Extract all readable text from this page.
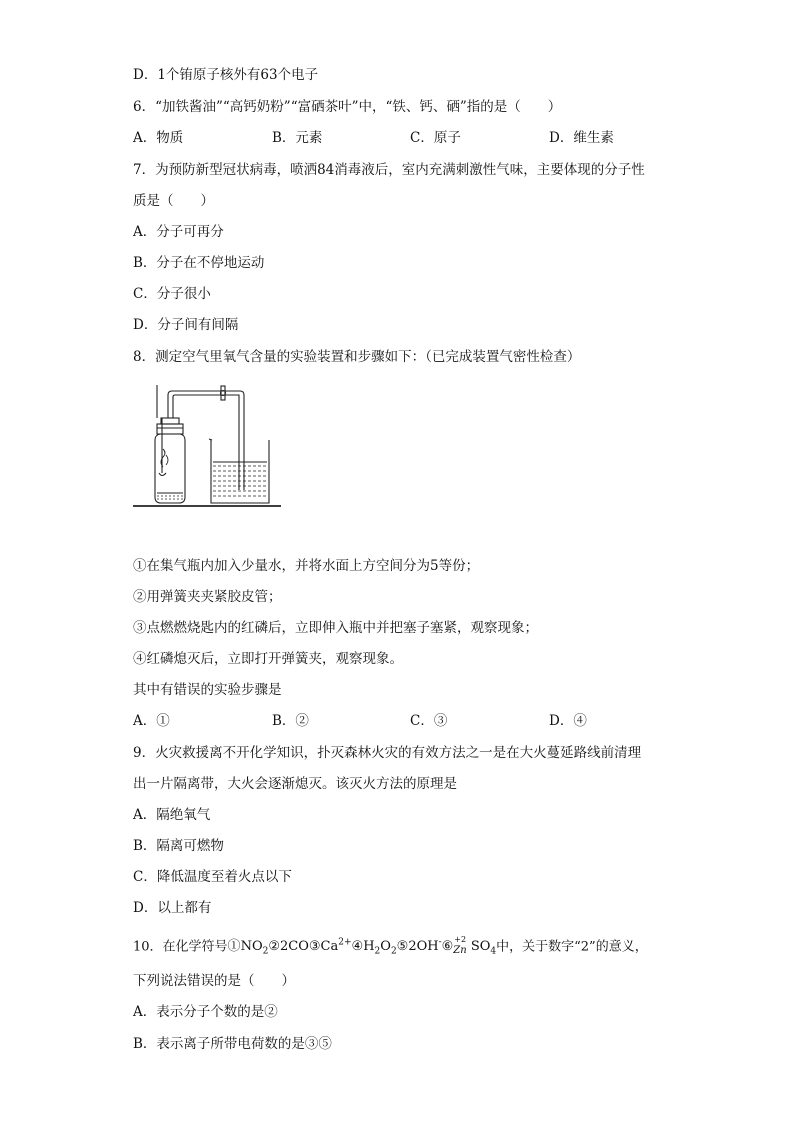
D．1个铕原子核外有63个电子
6．“加铁酱油”“高钙奶粉”“富硒茶叶”中，“铁、钙、硒”指的是（　　）
A．物质	B．元素	C．原子	D．维生素
7．为预防新型冠状病毒，喷洒84消毒液后，室内充满刺激性气味，主要体现的分子性
质是（　　）
A．分子可再分
B．分子在不停地运动
C．分子很小
D．分子间有间隔
8．测定空气里氧气含量的实验装置和步骤如下：（已完成装置气密性检查）
①在集气瓶内加入少量水，并将水面上方空间分为5等份；
②用弹簧夹夹紧胶皮管；
③点燃燃烧匙内的红磷后，立即伸入瓶中并把塞子塞紧，观察现象；
④红磷熄灭后，立即打开弹簧夹，观察现象。
其中有错误的实验步骤是
A．①	B．②	C．③	D．④
9．火灾救援离不开化学知识，扑灭森林火灾的有效方法之一是在大火蔓延路线前清理
出一片隔离带，大火会逐渐熄灭。该灭火方法的原理是
A．隔绝氧气
B．隔离可燃物
C．降低温度至着火点以下
D．以上都有
10．在化学符号$①NO_2②2CO③Ca^{2+}④H_2O_2⑤2OH^-⑥ +2$
$_{Zn}$ $SO_4$中，关于数字“2”的意义，
下列说法错误的是（　　）
A．表示分子个数的是②
B．表示离子所带电荷数的是③⑤
